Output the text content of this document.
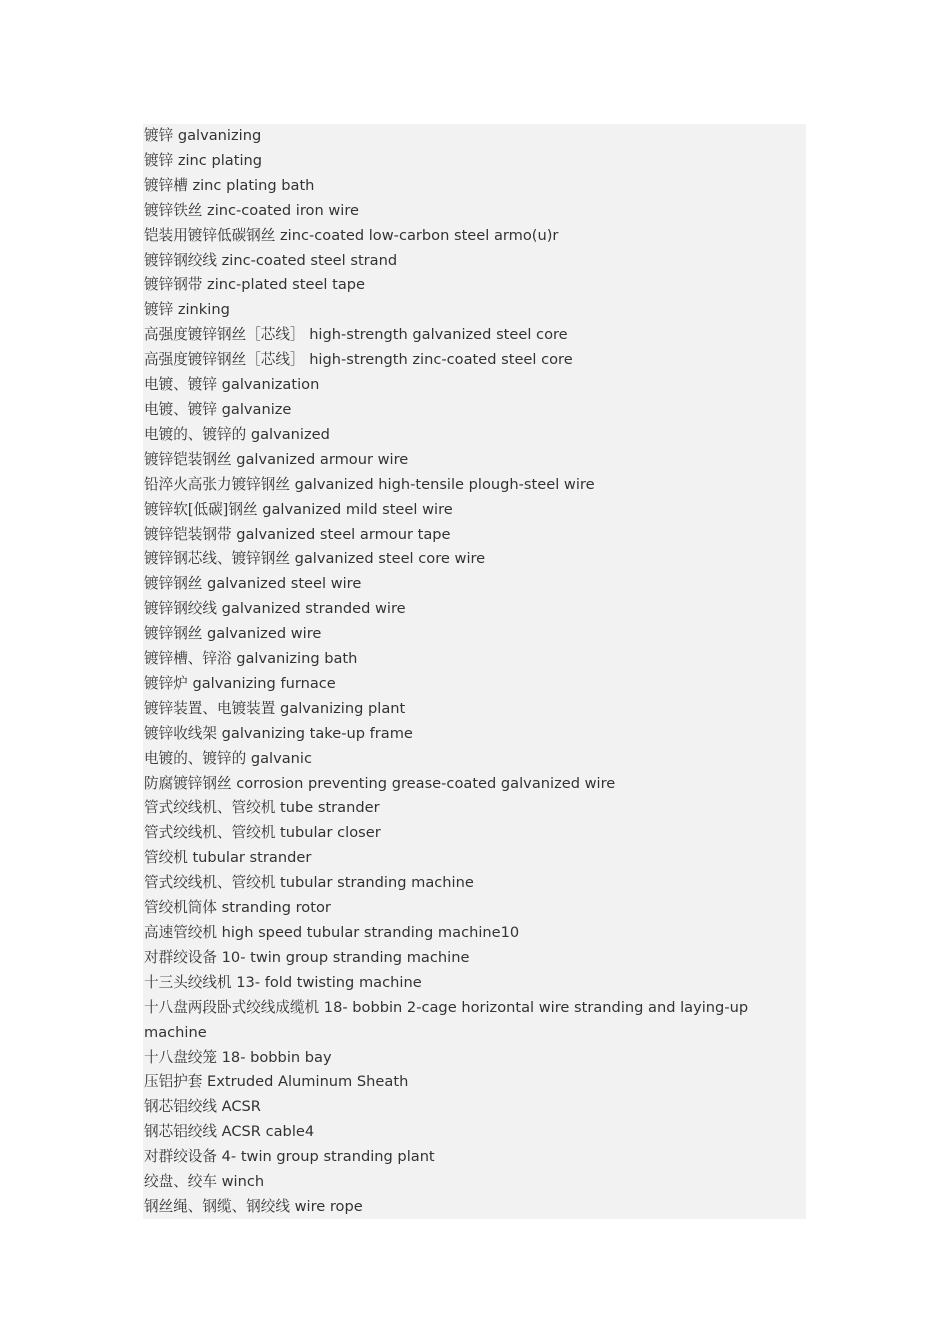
镀锌 galvanizing
镀锌 zinc plating
镀锌槽 zinc plating bath
镀锌铁丝 zinc-coated iron wire
铠装用镀锌低碳钢丝 zinc-coated low-carbon steel armo(u)r
镀锌钢绞线 zinc-coated steel strand
镀锌钢带 zinc-plated steel tape
镀锌 zinking
高强度镀锌钢丝［芯线］ high-strength galvanized steel core
高强度镀锌钢丝［芯线］ high-strength zinc-coated steel core
电镀、镀锌 galvanization
电镀、镀锌 galvanize
电镀的、镀锌的 galvanized
镀锌铠装钢丝 galvanized armour wire
铅淬火高张力镀锌钢丝 galvanized high-tensile plough-steel wire
镀锌软[低碳]钢丝 galvanized mild steel wire
镀锌铠装钢带 galvanized steel armour tape
镀锌钢芯线、镀锌钢丝 galvanized steel core wire
镀锌钢丝 galvanized steel wire
镀锌钢绞线 galvanized stranded wire
镀锌钢丝 galvanized wire
镀锌槽、锌浴 galvanizing bath
镀锌炉 galvanizing furnace
镀锌装置、电镀装置 galvanizing plant
镀锌收线架 galvanizing take-up frame
电镀的、镀锌的 galvanic
防腐镀锌钢丝 corrosion preventing grease-coated galvanized wire
管式绞线机、管绞机 tube strander
管式绞线机、管绞机 tubular closer
管绞机 tubular strander
管式绞线机、管绞机 tubular stranding machine
管绞机筒体 stranding rotor
高速管绞机 high speed tubular stranding machine10
对群绞设备 10- twin group stranding machine
十三头绞线机 13- fold twisting machine
十八盘两段卧式绞线成缆机 18- bobbin 2-cage horizontal wire stranding and laying-up machine
十八盘绞笼 18- bobbin bay
压铝护套 Extruded Aluminum Sheath
钢芯铝绞线 ACSR
钢芯铝绞线 ACSR cable4
对群绞设备 4- twin group stranding plant
绞盘、绞车 winch
钢丝绳、钢缆、钢绞线 wire rope
